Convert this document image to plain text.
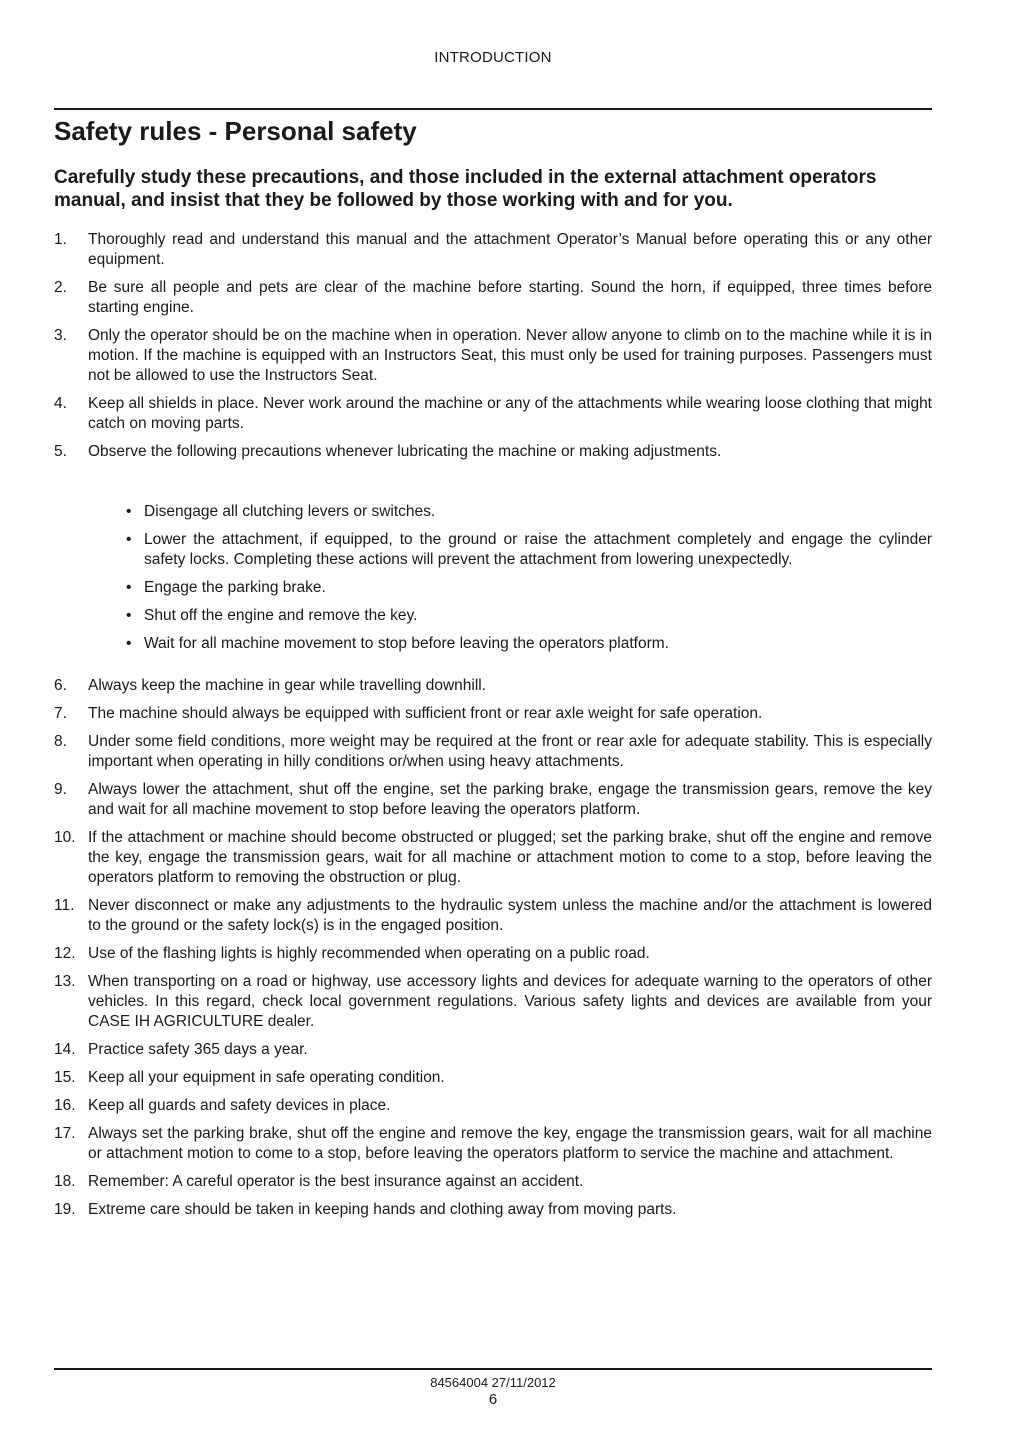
INTRODUCTION
Safety rules - Personal safety

Carefully study these precautions, and those included in the external attachment operators manual, and insist that they be followed by those working with and for you.

1. Thoroughly read and understand this manual and the attachment Operator’s Manual before operating this or any other equipment.
2. Be sure all people and pets are clear of the machine before starting. Sound the horn, if equipped, three times before starting engine.
3. Only the operator should be on the machine when in operation. Never allow anyone to climb on to the machine while it is in motion. If the machine is equipped with an Instructors Seat, this must only be used for training purposes. Passengers must not be allowed to use the Instructors Seat.
4. Keep all shields in place. Never work around the machine or any of the attachments while wearing loose clothing that might catch on moving parts.
5. Observe the following precautions whenever lubricating the machine or making adjustments.
• Disengage all clutching levers or switches.
• Lower the attachment, if equipped, to the ground or raise the attachment completely and engage the cylinder safety locks. Completing these actions will prevent the attachment from lowering unexpectedly.
• Engage the parking brake.
• Shut off the engine and remove the key.
• Wait for all machine movement to stop before leaving the operators platform.
6. Always keep the machine in gear while travelling downhill.
7. The machine should always be equipped with sufficient front or rear axle weight for safe operation.
8. Under some field conditions, more weight may be required at the front or rear axle for adequate stability. This is especially important when operating in hilly conditions or/when using heavy attachments.
9. Always lower the attachment, shut off the engine, set the parking brake, engage the transmission gears, remove the key and wait for all machine movement to stop before leaving the operators platform.
10. If the attachment or machine should become obstructed or plugged; set the parking brake, shut off the engine and remove the key, engage the transmission gears, wait for all machine or attachment motion to come to a stop, before leaving the operators platform to removing the obstruction or plug.
11. Never disconnect or make any adjustments to the hydraulic system unless the machine and/or the attachment is lowered to the ground or the safety lock(s) is in the engaged position.
12. Use of the flashing lights is highly recommended when operating on a public road.
13. When transporting on a road or highway, use accessory lights and devices for adequate warning to the operators of other vehicles. In this regard, check local government regulations. Various safety lights and devices are available from your CASE IH AGRICULTURE dealer.
14. Practice safety 365 days a year.
15. Keep all your equipment in safe operating condition.
16. Keep all guards and safety devices in place.
17. Always set the parking brake, shut off the engine and remove the key, engage the transmission gears, wait for all machine or attachment motion to come to a stop, before leaving the operators platform to service the machine and attachment.
18. Remember: A careful operator is the best insurance against an accident.
19. Extreme care should be taken in keeping hands and clothing away from moving parts.
84564004 27/11/2012
6
